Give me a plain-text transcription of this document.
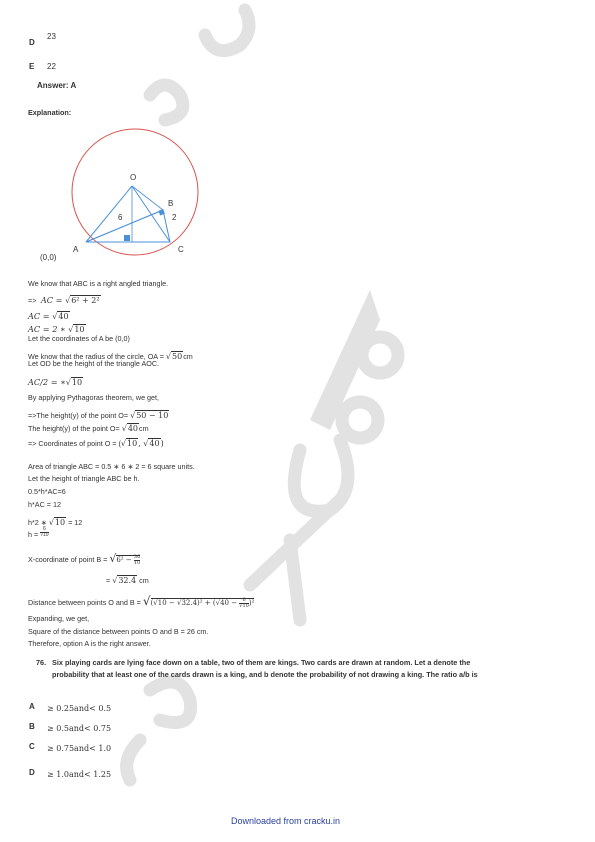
D
23
E 22
Answer: A
Explanation:
O
B
6	2
A	C
(0,0)
We know that ABC is a right angled triangle.
=> AC = √6² + 2²
AC = √40
AC = 2 ∗ √10
Let the coordinates of A be (0,0)
We know that the radius of the circle, OA = √50cm
Let OD be the height of the triangle AOC.
AC/2 = ∗√10
By applying Pythagoras theorem, we get,
=>The height(y) of the point O= √50 − 10
The height(y) of the point O= √40cm
=> Coordinates of point O = (√10, √40)
Area of triangle ABC = 0.5 ∗ 6 ∗ 2 = 6 square units.
Let the height of triangle ABC be h.
0.5*h*AC=6
h*AC = 12
h*2 ∗ √10 = 12
$h = \frac{6}{√10}$
X-coordinate of point $B = √6^2 - \frac{36}{10}$
= √32.4 cm
Distance between points O and $B = √(√10 - √32.4)^2 + (√40 - \frac{6}{√10} )^2$
Expanding, we get,
Square of the distance between points O and B = 26 cm.
Therefore, option A is the right answer.
76. Six playing cards are lying face down on a table, two of them are kings. Two cards are drawn at random. Let a denote the
probability that at least one of the cards drawn is a king, and b denote the probability of not drawing a king. The ratio a/b is
A ≥ 0.25and< 0.5
B ≥ 0.5and< 0.75
C ≥ 0.75and< 1.0
D ≥ 1.0and< 1.25
Downloaded from cracku.in
